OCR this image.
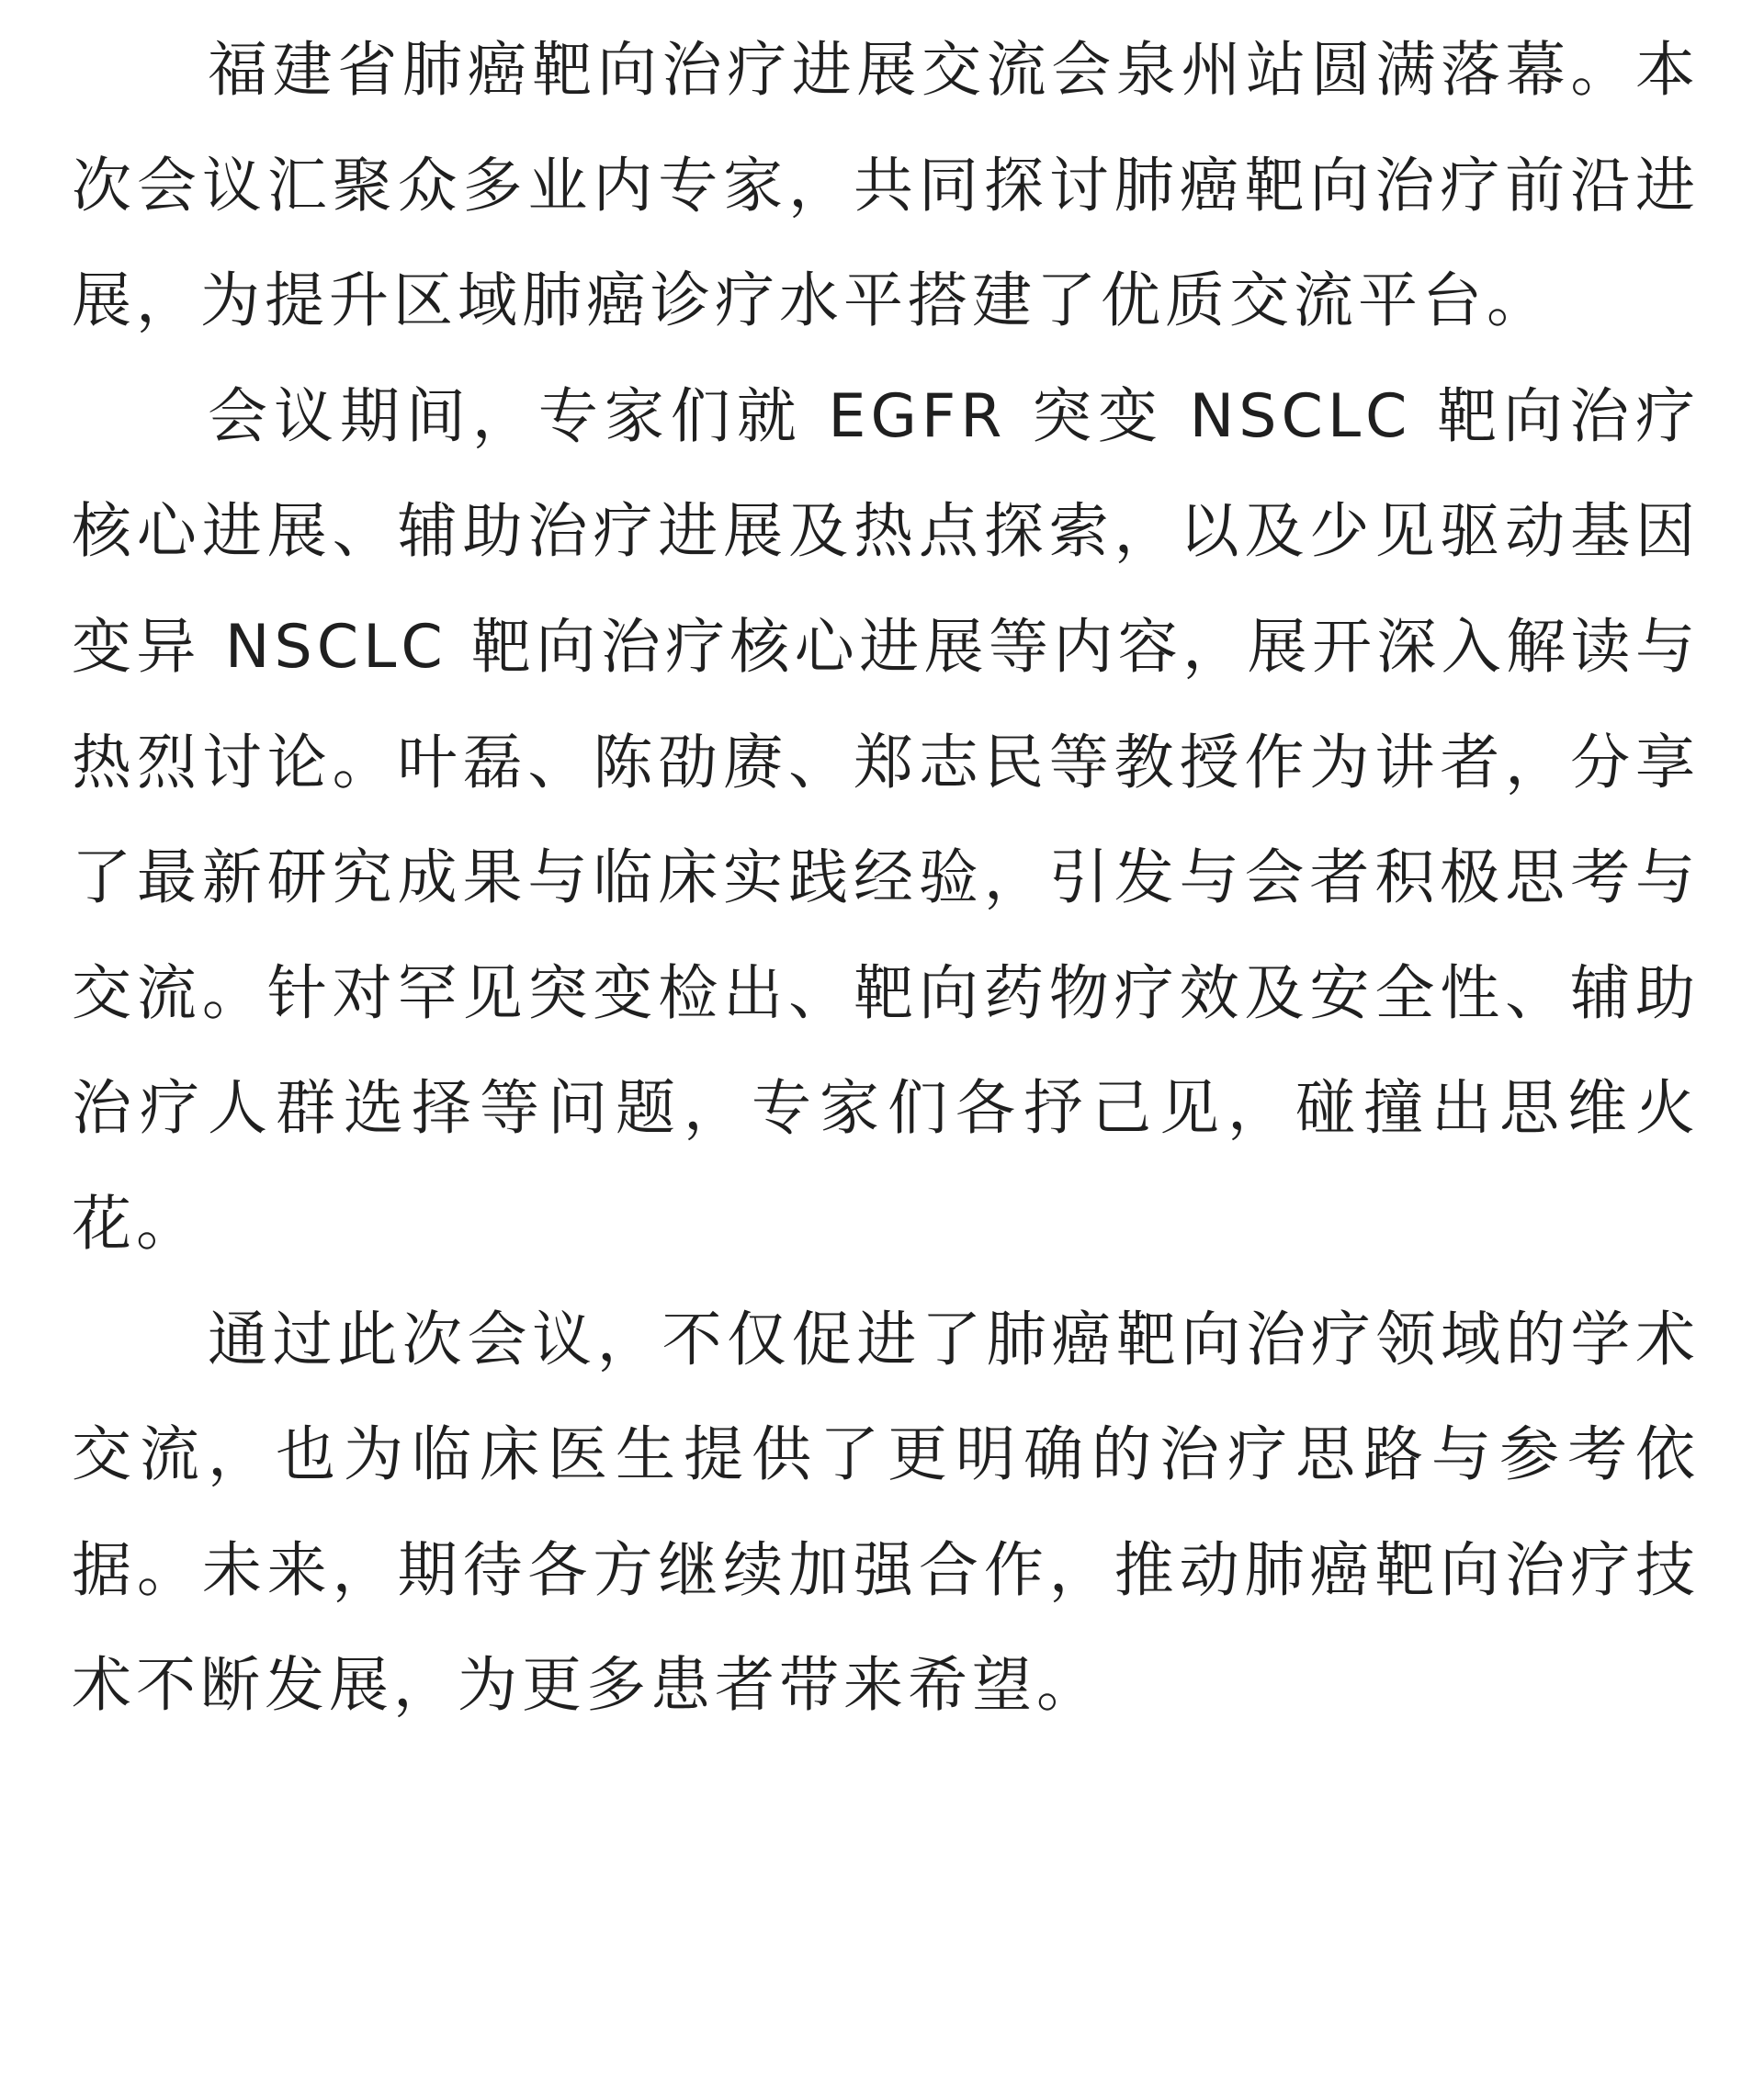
福建省肺癌靶向治疗进展交流会泉州站圆满落幕。本次会议汇聚众多业内专家，共同探讨肺癌靶向治疗前沿进展，为提升区域肺癌诊疗水平搭建了优质交流平台。

会议期间，专家们就 EGFR 突变 NSCLC 靶向治疗核心进展、辅助治疗进展及热点探索，以及少见驱动基因变异 NSCLC 靶向治疗核心进展等内容，展开深入解读与热烈讨论。叶磊、陈劭赓、郑志民等教授作为讲者，分享了最新研究成果与临床实践经验，引发与会者积极思考与交流。针对罕见突变检出、靶向药物疗效及安全性、辅助治疗人群选择等问题，专家们各抒己见，碰撞出思维火花。

通过此次会议，不仅促进了肺癌靶向治疗领域的学术交流，也为临床医生提供了更明确的治疗思路与参考依据。未来，期待各方继续加强合作，推动肺癌靶向治疗技术不断发展，为更多患者带来希望。
